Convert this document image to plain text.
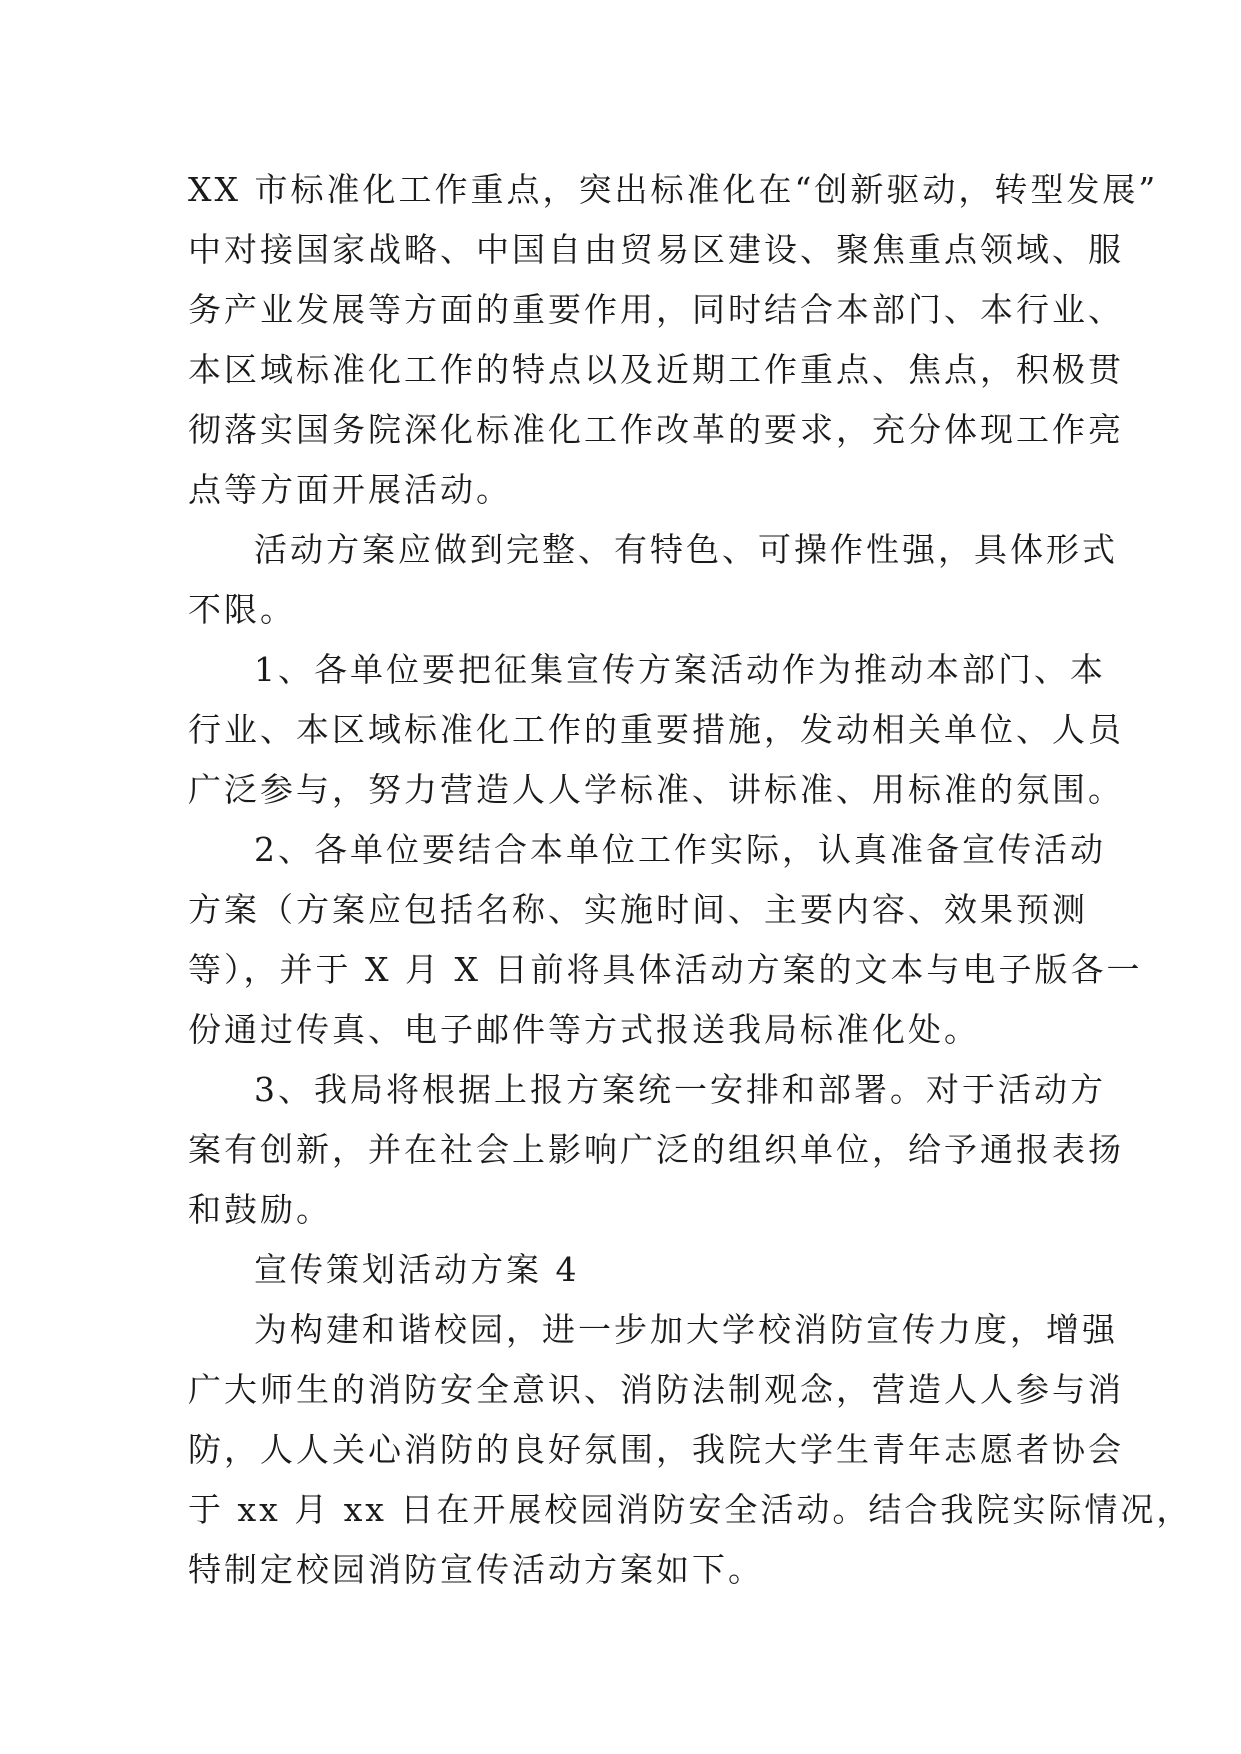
XX 市标准化工作重点，突出标准化在“创新驱动，转型发展”
中对接国家战略、中国自由贸易区建设、聚焦重点领域、服
务产业发展等方面的重要作用，同时结合本部门、本行业、
本区域标准化工作的特点以及近期工作重点、焦点，积极贯
彻落实国务院深化标准化工作改革的要求，充分体现工作亮
点等方面开展活动。
活动方案应做到完整、有特色、可操作性强，具体形式
不限。
1、各单位要把征集宣传方案活动作为推动本部门、本
行业、本区域标准化工作的重要措施，发动相关单位、人员
广泛参与，努力营造人人学标准、讲标准、用标准的氛围。
2、各单位要结合本单位工作实际，认真准备宣传活动
方案（方案应包括名称、实施时间、主要内容、效果预测
等），并于 X 月 X 日前将具体活动方案的文本与电子版各一
份通过传真、电子邮件等方式报送我局标准化处。
3、我局将根据上报方案统一安排和部署。对于活动方
案有创新，并在社会上影响广泛的组织单位，给予通报表扬
和鼓励。
宣传策划活动方案 4
为构建和谐校园，进一步加大学校消防宣传力度，增强
广大师生的消防安全意识、消防法制观念，营造人人参与消
防，人人关心消防的良好氛围，我院大学生青年志愿者协会
于 xx 月 xx 日在开展校园消防安全活动。结合我院实际情况，
特制定校园消防宣传活动方案如下。
